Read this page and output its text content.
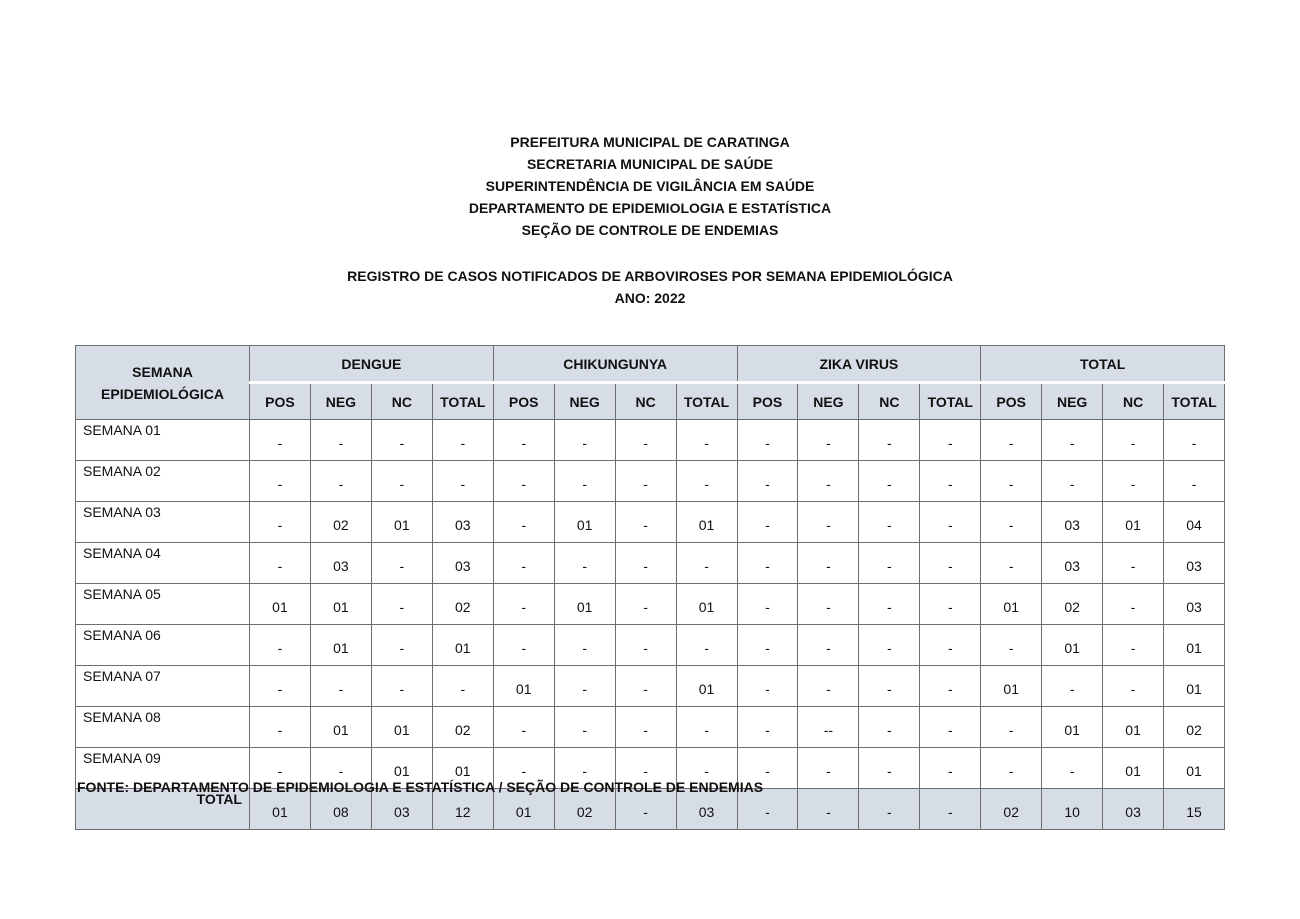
PREFEITURA MUNICIPAL DE CARATINGA
SECRETARIA MUNICIPAL DE SAÚDE
SUPERINTENDÊNCIA DE VIGILÂNCIA EM SAÚDE
DEPARTAMENTO DE EPIDEMIOLOGIA E ESTATÍSTICA
SEÇÃO DE CONTROLE DE ENDEMIAS
REGISTRO DE CASOS NOTIFICADOS DE ARBOVIROSES POR SEMANA EPIDEMIOLÓGICA
ANO: 2022
SEMANA
EPIDEMIOLÓGICA	DENGUE				CHIKUNGUNYA				ZIKA VIRUS				TOTAL			
	POS	NEG	NC	TOTAL	POS	NEG	NC	TOTAL	POS	NEG	NC	TOTAL	POS	NEG	NC	TOTAL
SEMANA 01	-	-	-	-	-	-	-	-	-	-	-	-	-	-	-	-
SEMANA 02	-	-	-	-	-	-	-	-	-	-	-	-	-	-	-	-
SEMANA 03	-	02	01	03	-	01	-	01	-	-	-	-	-	03	01	04
SEMANA 04	-	03	-	03	-	-	-	-	-	-	-	-	-	03	-	03
SEMANA 05	01	01	-	02	-	01	-	01	-	-	-	-	01	02	-	03
SEMANA 06	-	01	-	01	-	-	-	-	-	-	-	-	-	01	-	01
SEMANA 07	-	-	-	-	01	-	-	01	-	-	-	-	01	-	-	01
SEMANA 08	-	01	01	02	-	-	-	-	-	--	-	-	-	01	01	02
SEMANA 09	-	-	01	01	-	-	-	-	-	-	-	-	-	-	01	01
TOTAL	01	08	03	12	01	02	-	03	-	-	-	-	02	10	03	15
FONTE: DEPARTAMENTO DE EPIDEMIOLOGIA E ESTATÍSTICA / SEÇÃO DE CONTROLE DE ENDEMIAS
